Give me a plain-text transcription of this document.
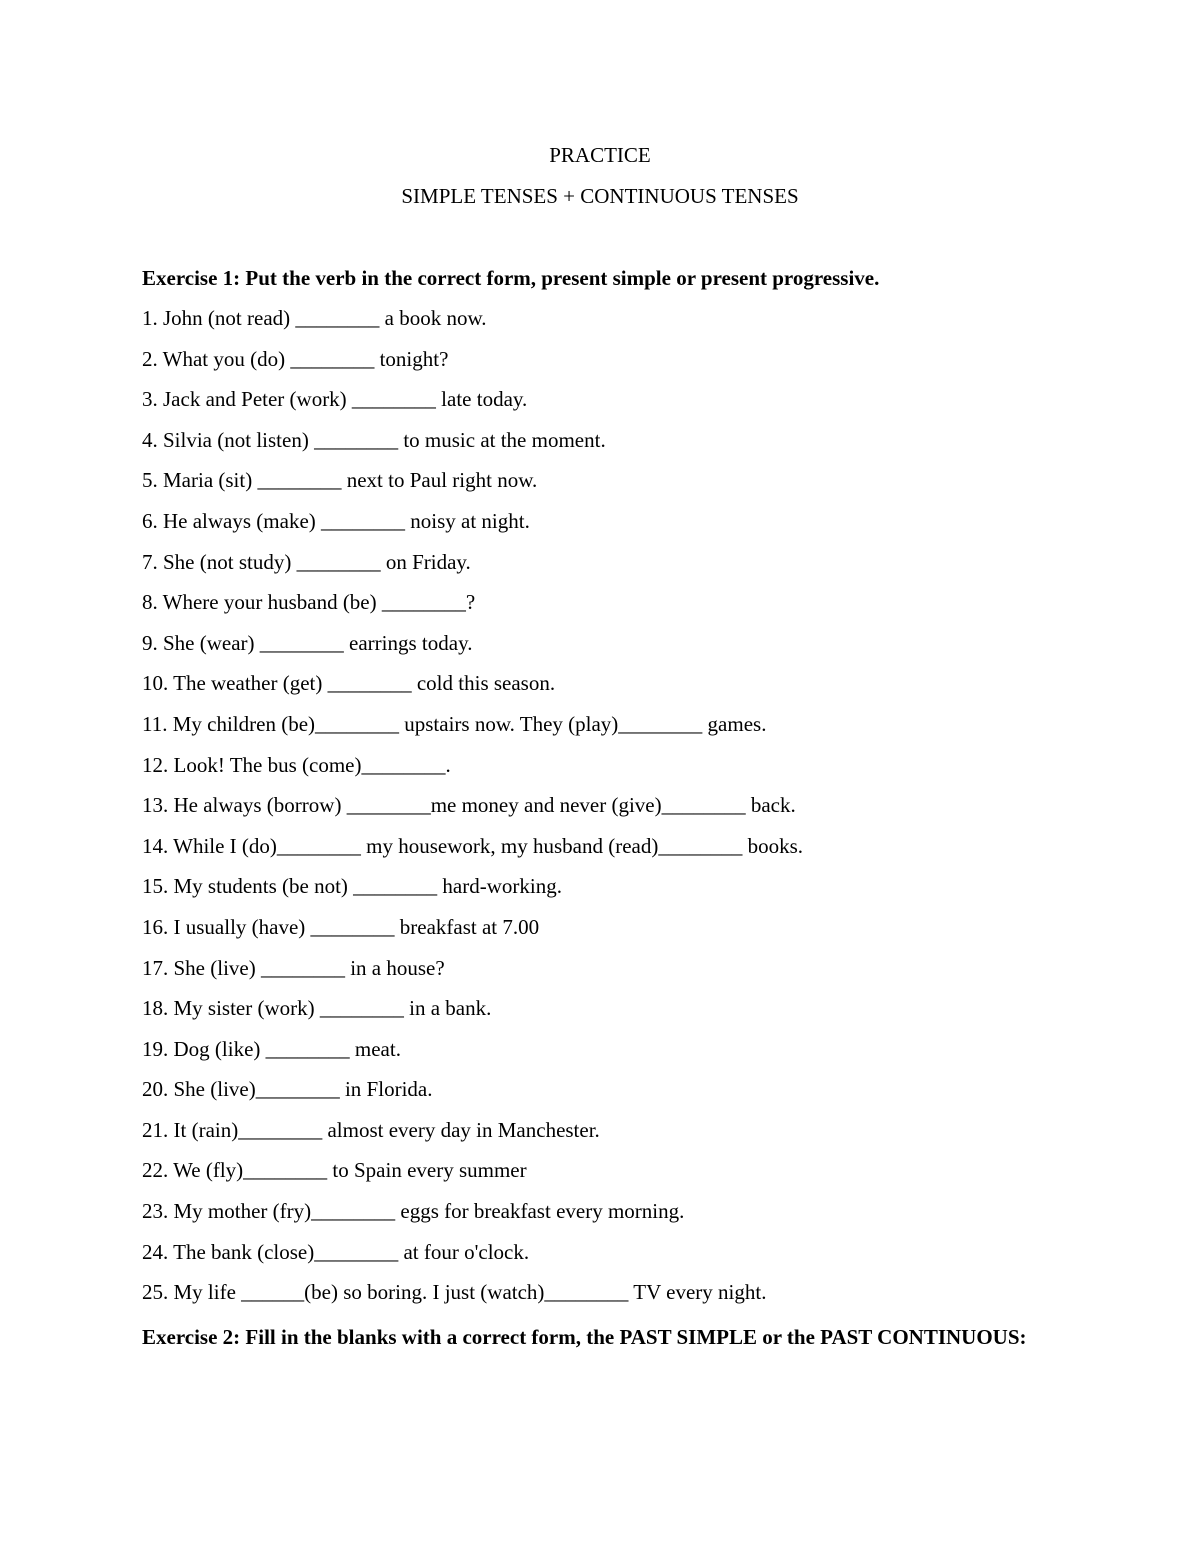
PRACTICE
SIMPLE TENSES + CONTINUOUS TENSES
Exercise 1: Put the verb in the correct form, present simple or present progressive.
1. John (not read) ________ a book now.
2. What you (do) ________ tonight?
3. Jack and Peter (work) ________ late today.
4. Silvia (not listen) ________ to music at the moment.
5. Maria (sit) ________ next to Paul right now.
6. He always (make) ________ noisy at night.
7. She (not study) ________ on Friday.
8. Where your husband (be) ________?
9. She (wear) ________ earrings today.
10. The weather (get) ________ cold this season.
11. My children (be)________ upstairs now. They (play)________ games.
12. Look! The bus (come)________.
13. He always (borrow) ________me money and never (give)________ back.
14. While I (do)________ my housework, my husband (read)________ books.
15. My students (be not) ________ hard-working.
16. I usually (have) ________ breakfast at 7.00
17. She (live) ________ in a house?
18. My sister (work) ________ in a bank.
19. Dog (like) ________ meat.
20. She (live)________ in Florida.
21. It (rain)________ almost every day in Manchester.
22. We (fly)________ to Spain every summer
23. My mother (fry)________ eggs for breakfast every morning.
24. The bank (close)________ at four o'clock.
25. My life ______(be) so boring. I just (watch)________ TV every night.
Exercise 2: Fill in the blanks with a correct form, the PAST SIMPLE or the PAST CONTINUOUS:
